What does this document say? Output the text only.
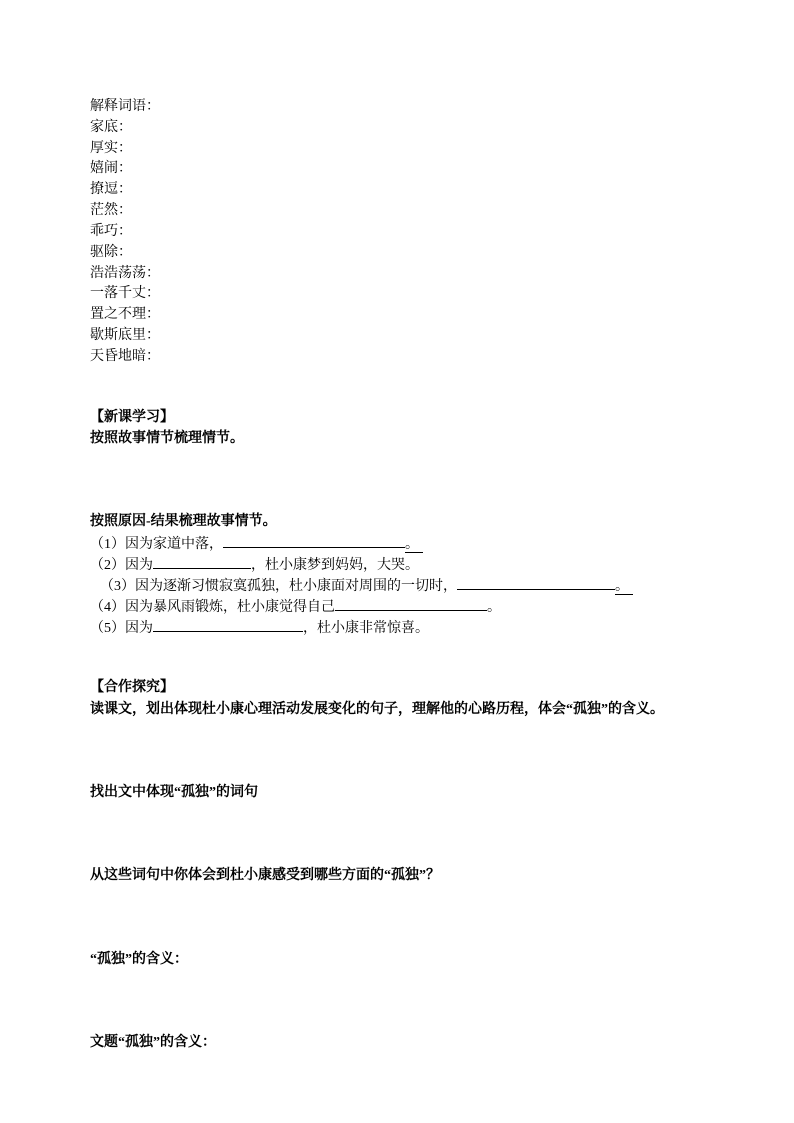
解释词语：
家底：
厚实：
嬉闹：
撩逗：
茫然：
乖巧：
驱除：
浩浩荡荡：
一落千丈：
置之不理：
歇斯底里：
天昏地暗：
【新课学习】
按照故事情节梳理情节。
按照原因-结果梳理故事情节。
（1）因为家道中落，	。
（2）因为	，杜小康梦到妈妈，大哭。
（3）因为逐渐习惯寂寞孤独，杜小康面对周围的一切时，	。
（4）因为暴风雨锻炼，杜小康觉得自己	。
（5）因为	，杜小康非常惊喜。
【合作探究】
读课文，划出体现杜小康心理活动发展变化的句子，理解他的心路历程，体会“孤独”的含义。
找出文中体现“孤独”的词句
从这些词句中你体会到杜小康感受到哪些方面的“孤独”？
“孤独”的含义：
文题“孤独”的含义：
